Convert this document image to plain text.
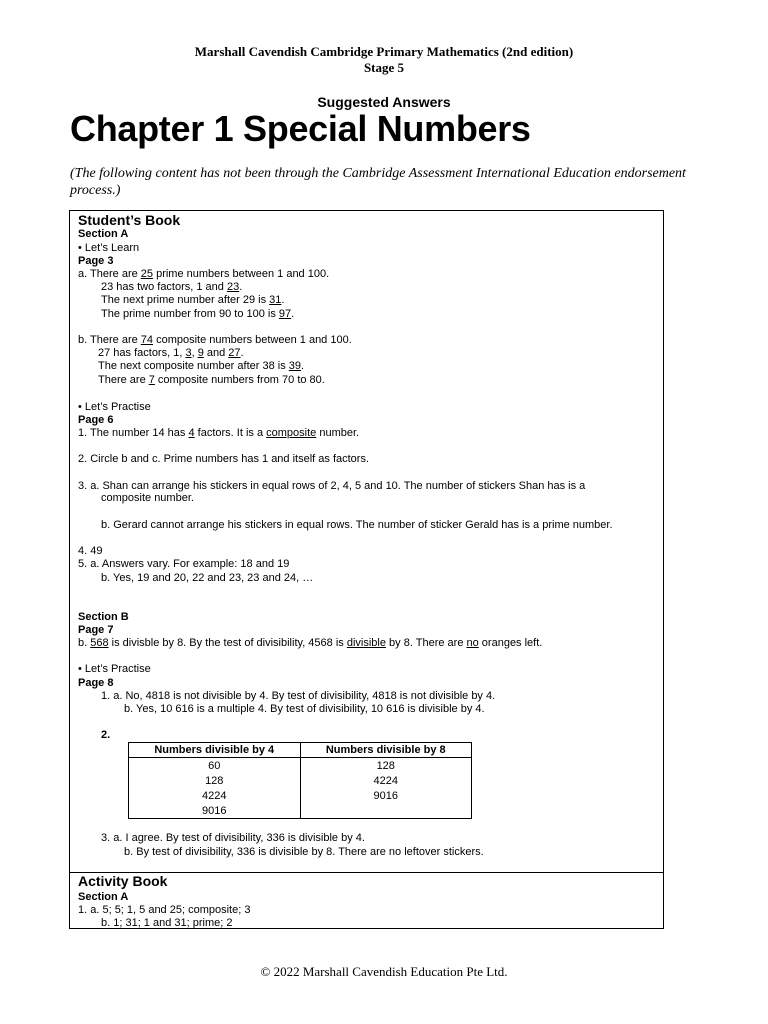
Marshall Cavendish Cambridge Primary Mathematics (2nd edition)
Stage 5
Suggested Answers
Chapter 1 Special Numbers
(The following content has not been through the Cambridge Assessment International Education endorsement process.)
Student’s Book
Section A
• Let’s Learn
Page 3
a. There are 25 prime numbers between 1 and 100.
23 has two factors, 1 and 23.
The next prime number after 29 is 31.
The prime number from 90 to 100 is 97.
b. There are 74 composite numbers between 1 and 100.
27 has factors, 1, 3, 9 and 27.
The next composite number after 38 is 39.
There are 7 composite numbers from 70 to 80.
• Let’s Practise
Page 6
1. The number 14 has 4 factors. It is a composite number.
2. Circle b and c. Prime numbers has 1 and itself as factors.
3. a. Shan can arrange his stickers in equal rows of 2, 4, 5 and 10. The number of stickers Shan has is a
composite number.
b. Gerard cannot arrange his stickers in equal rows. The number of sticker Gerald has is a prime number.
4. 49
5. a. Answers vary. For example: 18 and 19
b. Yes, 19 and 20, 22 and 23, 23 and 24, …
Section B
Page 7
b. 568 is divisble by 8. By the test of divisibility, 4568 is divisible by 8. There are no oranges left.
• Let’s Practise
Page 8
1. a. No, 4818 is not divisible by 4. By test of divisibility, 4818 is not divisible by 4.
b. Yes, 10 616 is a multiple 4. By test of divisibility, 10 616 is divisible by 4.
2.
Numbers divisible by 4	Numbers divisible by 8
60	128
128	4224
4224	9016
9016	
3. a. I agree. By test of divisibility, 336 is divisible by 4.
b. By test of divisibility, 336 is divisible by 8. There are no leftover stickers.
Activity Book
Section A
1. a. 5; 5; 1, 5 and 25; composite; 3
b. 1; 31; 1 and 31; prime; 2
© 2022 Marshall Cavendish Education Pte Ltd.
